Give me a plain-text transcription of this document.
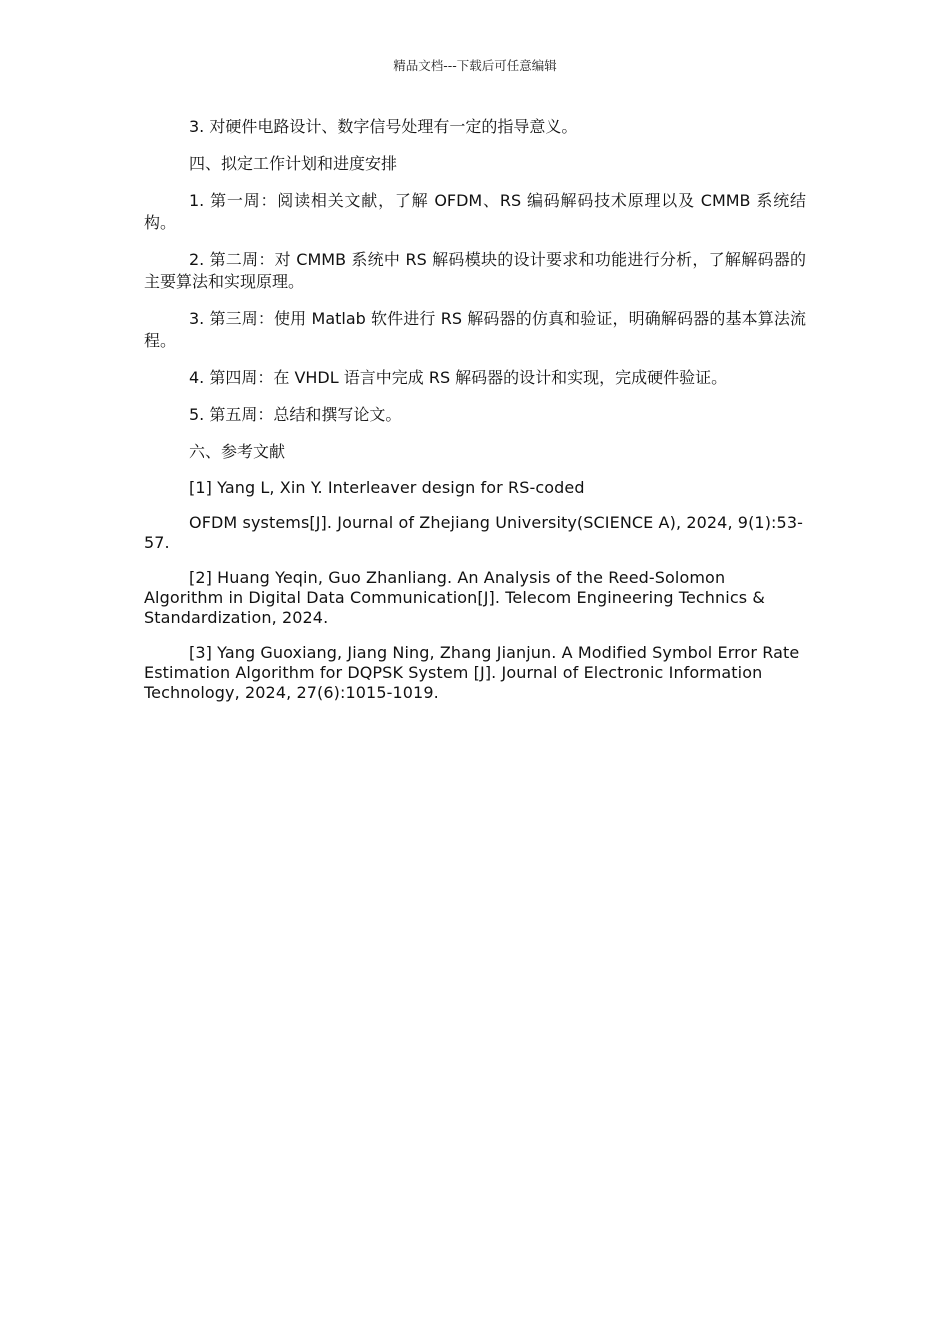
精品文档---下载后可任意编辑

3. 对硬件电路设计、数字信号处理有一定的指导意义。

四、拟定工作计划和进度安排

1. 第一周：阅读相关文献，了解 OFDM、RS 编码解码技术原理以及 CMMB 系统结构。

2. 第二周：对 CMMB 系统中 RS 解码模块的设计要求和功能进行分析，了解解码器的主要算法和实现原理。

3. 第三周：使用 Matlab 软件进行 RS 解码器的仿真和验证，明确解码器的基本算法流程。

4. 第四周：在 VHDL 语言中完成 RS 解码器的设计和实现，完成硬件验证。

5. 第五周：总结和撰写论文。

六、参考文献

[1] Yang L, Xin Y. Interleaver design for RS-coded

OFDM systems[J]. Journal of Zhejiang University(SCIENCE A), 2024, 9(1):53-57.

[2] Huang Yeqin, Guo Zhanliang. An Analysis of the Reed-Solomon Algorithm in Digital Data Communication[J]. Telecom Engineering Technics & Standardization, 2024.

[3] Yang Guoxiang, Jiang Ning, Zhang Jianjun. A Modified Symbol Error Rate Estimation Algorithm for DQPSK System [J]. Journal of Electronic Information Technology, 2024, 27(6):1015-1019.
